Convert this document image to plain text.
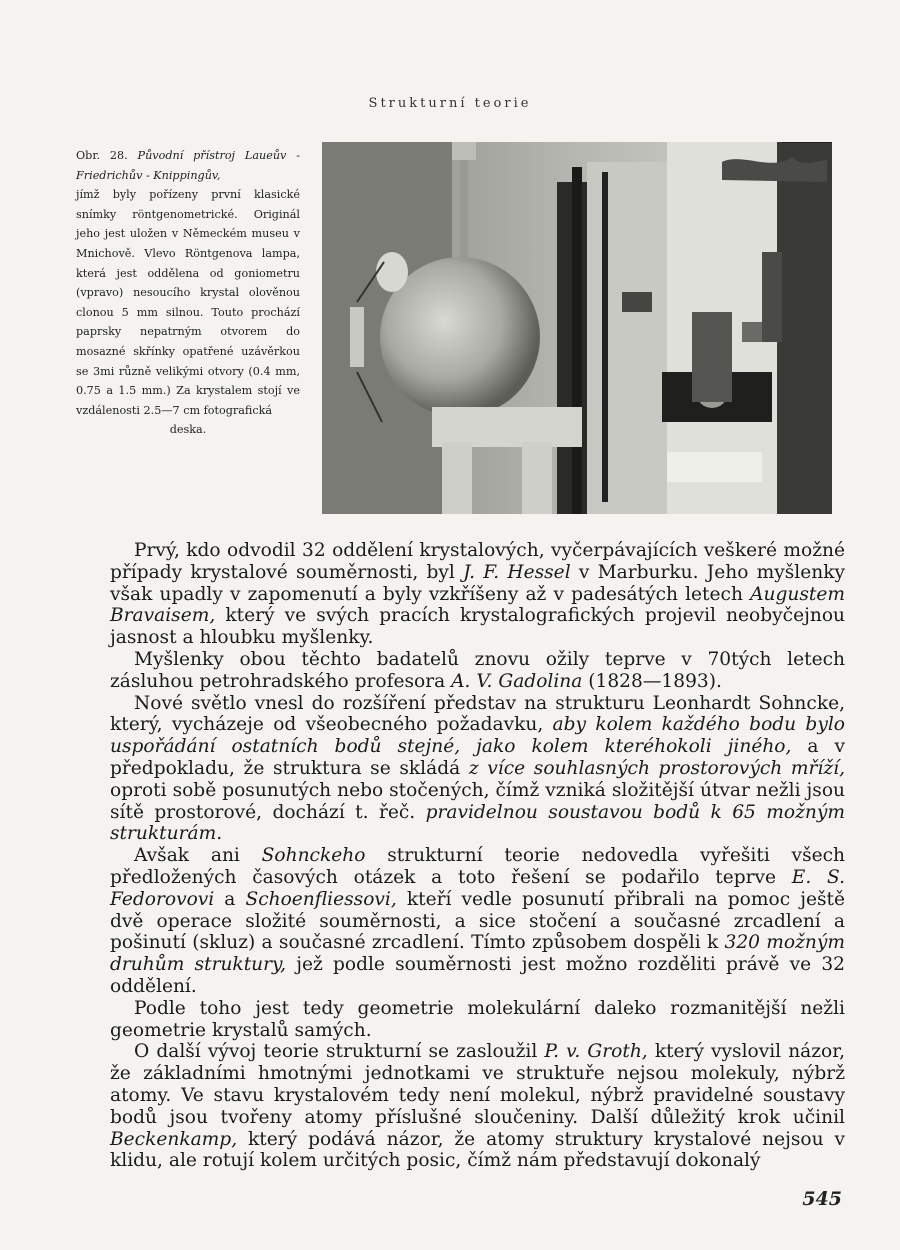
Strukturní teorie
Obr. 28. Původní přístroj Laueův - Friedrichův - Knippingův,
jímž byly pořízeny první klasické snímky röntgenometrické. Originál jeho jest uložen v Německém museu v Mnichově. Vlevo Röntgenova lampa, která jest oddělena od goniometru (vpravo) nesoucího krystal olověnou clonou 5 mm silnou. Touto prochází paprsky nepatrným otvorem do mosazné skřínky opatřené uzávěrkou se 3mi různě velikými otvory (0.4 mm, 0.75 a 1.5 mm.) Za krystalem stojí ve vzdálenosti 2.5—7 cm fotografická
deska.

Prvý, kdo odvodil 32 oddělení krystalových, vyčerpávajících veškeré možné případy krystalové souměrnosti, byl J. F. Hessel v Marburku. Jeho myšlenky však upadly v zapomenutí a byly vzkříšeny až v padesátých letech Augustem Bravaisem, který ve svých pracích krystalografických projevil neobyčejnou jasnost a hloubku myšlenky.

Myšlenky obou těchto badatelů znovu ožily teprve v 70tých letech zásluhou petrohradského profesora A. V. Gadolina (1828—1893).

Nové světlo vnesl do rozšíření představ na strukturu Leonhardt Sohncke, který, vycházeje od všeobecného požadavku, aby kolem každého bodu bylo uspořádání ostatních bodů stejné, jako kolem kteréhokoli jiného, a v předpokladu, že struktura se skládá z více souhlasných prostorových mříží, oproti sobě posunutých nebo stočených, čímž vzniká složitější útvar nežli jsou sítě prostorové, dochází t. řeč. pravidelnou soustavou bodů k 65 možným strukturám.

Avšak ani Sohnckeho strukturní teorie nedovedla vyřešiti všech předložených časových otázek a toto řešení se podařilo teprve E. S. Fedorovovi a Schoenfliessovi, kteří vedle posunutí přibrali na pomoc ještě dvě operace složité souměrnosti, a sice stočení a současné zrcadlení a pošinutí (skluz) a současné zrcadlení. Tímto způsobem dospěli k 320 možným druhům struktury, jež podle souměrnosti jest možno rozděliti právě ve 32 oddělení.

Podle toho jest tedy geometrie molekulární daleko rozmanitější nežli geometrie krystalů samých.

O další vývoj teorie strukturní se zasloužil P. v. Groth, který vyslovil názor, že základními hmotnými jednotkami ve struktuře nejsou molekuly, nýbrž atomy. Ve stavu krystalovém tedy není molekul, nýbrž pravidelné soustavy bodů jsou tvořeny atomy příslušné sloučeniny. Další důležitý krok učinil Beckenkamp, který podává názor, že atomy struktury krystalové nejsou v klidu, ale rotují kolem určitých posic, čímž nám představují dokonalý

545
